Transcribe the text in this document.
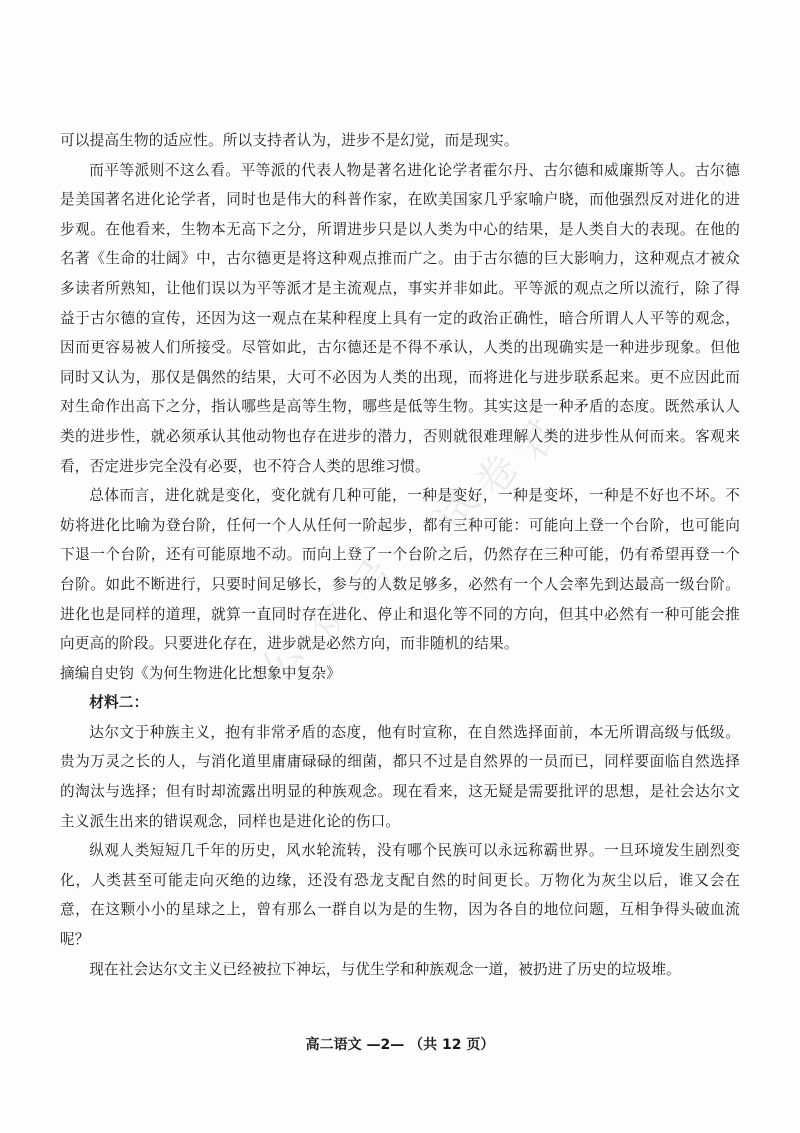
公
众
号
：
试
卷
君

可以提高生物的适应性。所以支持者认为，进步不是幻觉，而是现实。

而平等派则不这么看。平等派的代表人物是著名进化论学者霍尔丹、古尔德和威廉斯等人。古尔德是美国著名进化论学者，同时也是伟大的科普作家，在欧美国家几乎家喻户晓，而他强烈反对进化的进步观。在他看来，生物本无高下之分，所谓进步只是以人类为中心的结果，是人类自大的表现。在他的名著《生命的壮阔》中，古尔德更是将这种观点推而广之。由于古尔德的巨大影响力，这种观点才被众多读者所熟知，让他们误以为平等派才是主流观点，事实并非如此。平等派的观点之所以流行，除了得益于古尔德的宣传，还因为这一观点在某种程度上具有一定的政治正确性，暗合所谓人人平等的观念，因而更容易被人们所接受。尽管如此，古尔德还是不得不承认，人类的出现确实是一种进步现象。但他同时又认为，那仅是偶然的结果，大可不必因为人类的出现，而将进化与进步联系起来。更不应因此而对生命作出高下之分，指认哪些是高等生物，哪些是低等生物。其实这是一种矛盾的态度。既然承认人类的进步性，就必须承认其他动物也存在进步的潜力，否则就很难理解人类的进步性从何而来。客观来看，否定进步完全没有必要，也不符合人类的思维习惯。

总体而言，进化就是变化，变化就有几种可能，一种是变好，一种是变坏，一种是不好也不坏。不妨将进化比喻为登台阶，任何一个人从任何一阶起步，都有三种可能：可能向上登一个台阶，也可能向下退一个台阶，还有可能原地不动。而向上登了一个台阶之后，仍然存在三种可能，仍有希望再登一个台阶。如此不断进行，只要时间足够长，参与的人数足够多，必然有一个人会率先到达最高一级台阶。进化也是同样的道理，就算一直同时存在进化、停止和退化等不同的方向，但其中必然有一种可能会推向更高的阶段。只要进化存在，进步就是必然方向，而非随机的结果。

摘编自史钧《为何生物进化比想象中复杂》

材料二：

达尔文于种族主义，抱有非常矛盾的态度，他有时宣称，在自然选择面前，本无所谓高级与低级。贵为万灵之长的人，与消化道里庸庸碌碌的细菌，都只不过是自然界的一员而已，同样要面临自然选择的淘汰与选择；但有时却流露出明显的种族观念。现在看来，这无疑是需要批评的思想，是社会达尔文主义派生出来的错误观念，同样也是进化论的伤口。

纵观人类短短几千年的历史，风水轮流转，没有哪个民族可以永远称霸世界。一旦环境发生剧烈变化，人类甚至可能走向灭绝的边缘，还没有恐龙支配自然的时间更长。万物化为灰尘以后，谁又会在意，在这颗小小的星球之上，曾有那么一群自以为是的生物，因为各自的地位问题，互相争得头破血流呢？

现在社会达尔文主义已经被拉下神坛，与优生学和种族观念一道，被扔进了历史的垃圾堆。

高二语文 —2— （共 12 页）
